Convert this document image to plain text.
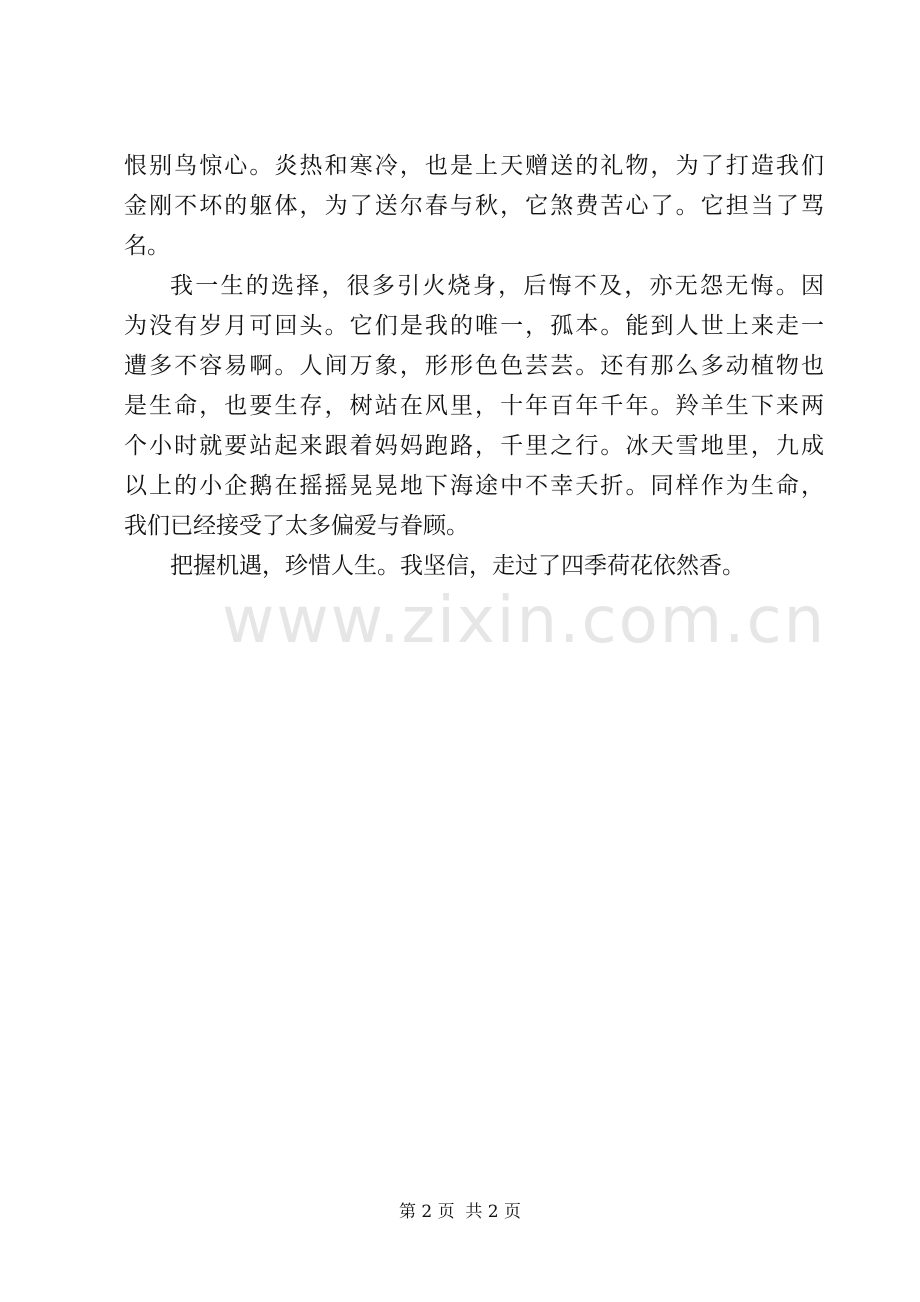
恨别鸟惊心。炎热和寒冷，也是上天赠送的礼物，为了打造我们
金刚不坏的躯体，为了送尔春与秋，它煞费苦心了。它担当了骂
名。
我一生的选择，很多引火烧身，后悔不及，亦无怨无悔。因
为没有岁月可回头。它们是我的唯一，孤本。能到人世上来走一
遭多不容易啊。人间万象，形形色色芸芸。还有那么多动植物也
是生命，也要生存，树站在风里，十年百年千年。羚羊生下来两
个小时就要站起来跟着妈妈跑路，千里之行。冰天雪地里，九成
以上的小企鹅在摇摇晃晃地下海途中不幸夭折。同样作为生命，
我们已经接受了太多偏爱与眷顾。
把握机遇，珍惜人生。我坚信，走过了四季荷花依然香。
www.zixin.com.cn
第 2 页  共 2 页
